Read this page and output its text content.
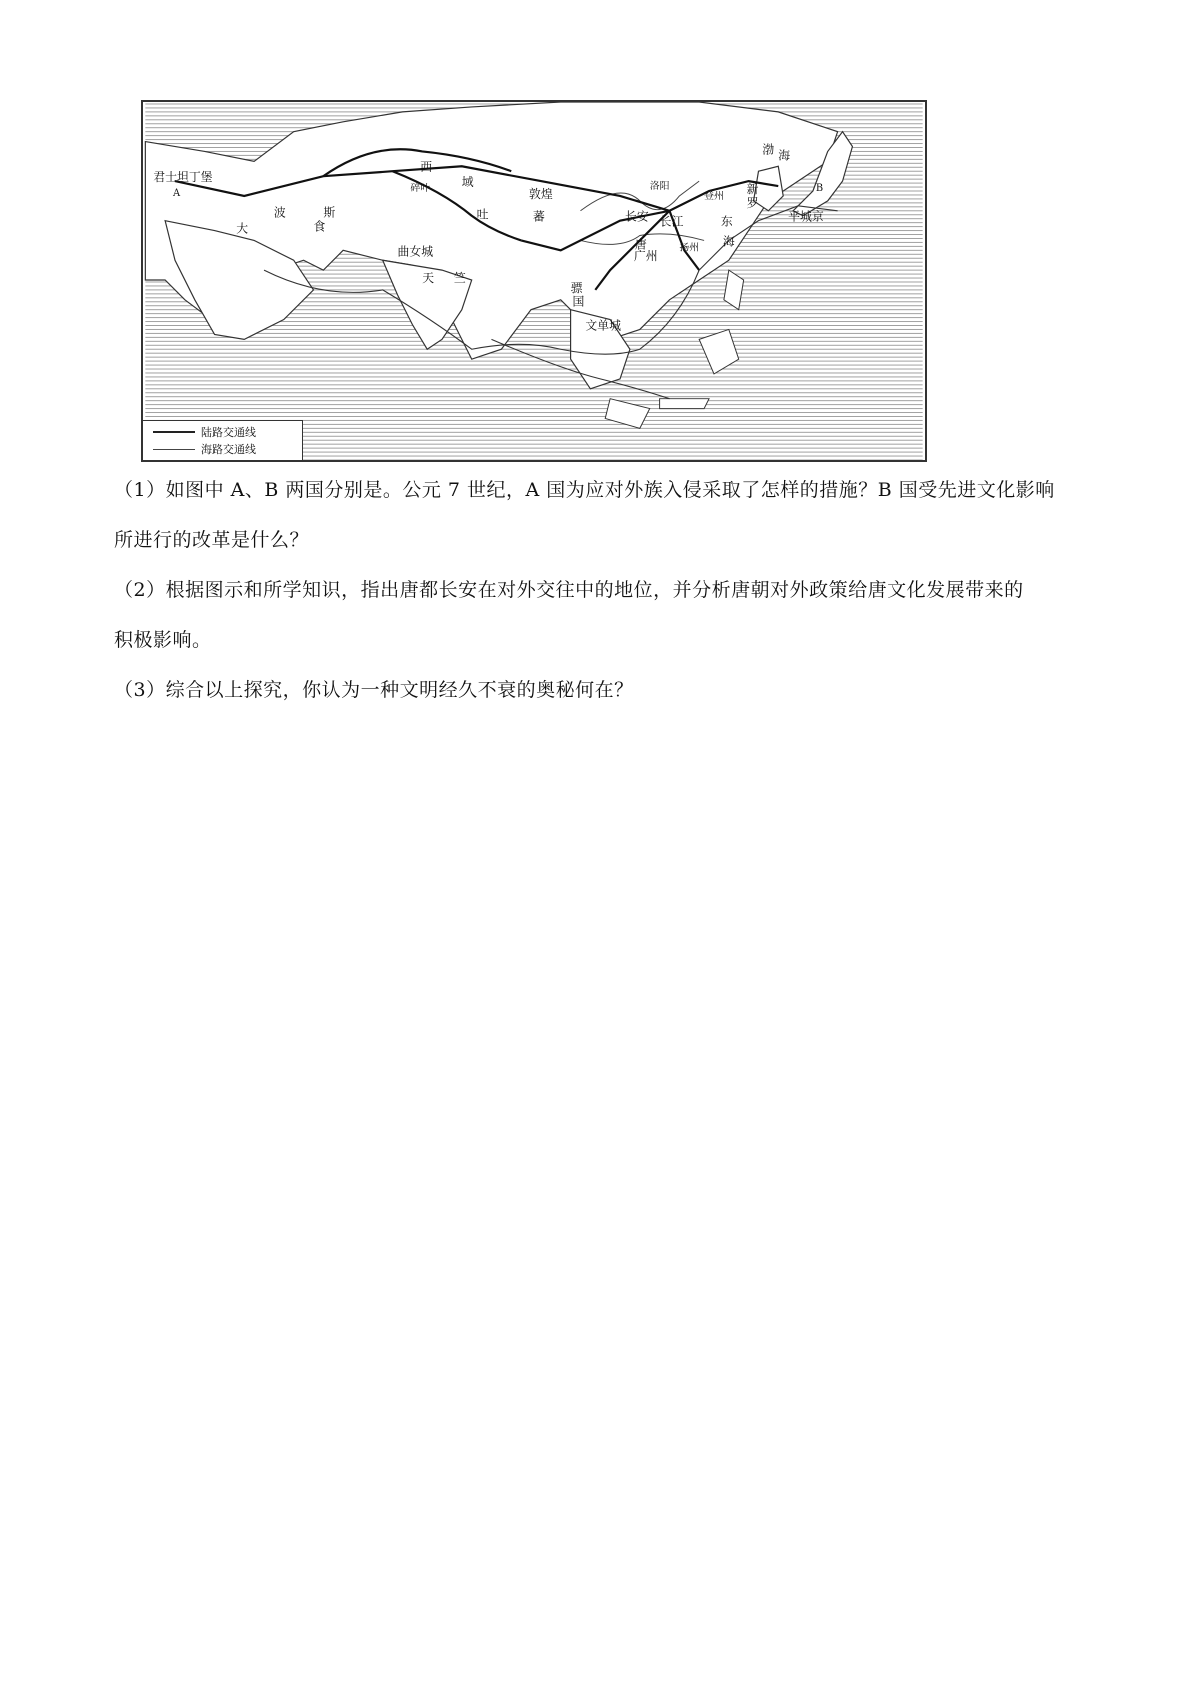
君士坦丁堡
A
大
波	斯
食
西
域
碎叶	敦煌
吐	蕃
曲女城
天 竺
长安
唐
长江
扬州
广州
登州
洛阳
渤 海
新
罗
B
平城京
东
海
骠
国
文单城
陆路交通线
海路交通线

（1）如图中 A、B 两国分别是。公元 7 世纪，A 国为应对外族入侵采取了怎样的措施？B 国受先进文化影响

所进行的改革是什么？

（2）根据图示和所学知识，指出唐都长安在对外交往中的地位，并分析唐朝对外政策给唐文化发展带来的

积极影响。

（3）综合以上探究，你认为一种文明经久不衰的奥秘何在？
